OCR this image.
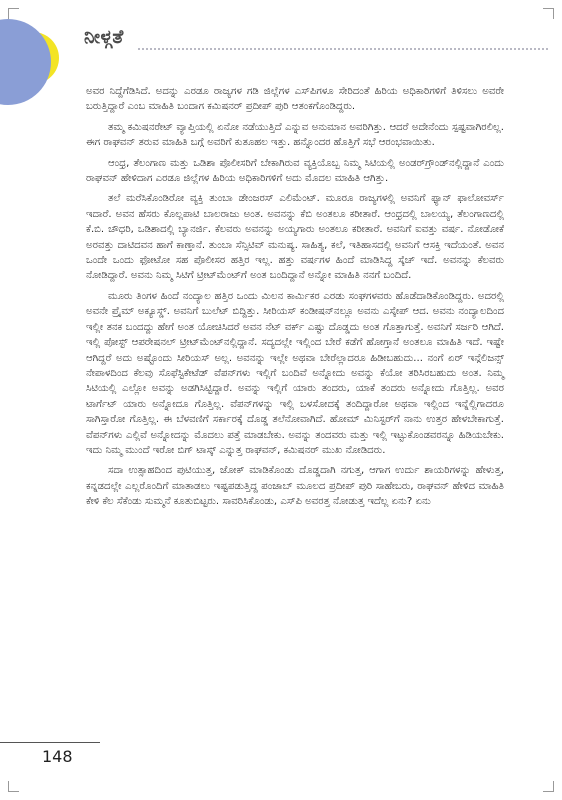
ನೀಳ್ಗತೆ

ಅವರ ನಿದ್ದೆಗೆಡಿಸಿದೆ. ಅದನ್ನು ಎರಡೂ ರಾಜ್ಯಗಳ ಗಡಿ ಜಿಲ್ಲೆಗಳ ಎಸ್‌ಪಿಗಳೂ ಸೇರಿದಂತೆ ಹಿರಿಯ ಅಧಿಕಾರಿಗಳಿಗೆ ತಿಳಿಸಲು ಅವರೇ ಬರುತ್ತಿದ್ದಾರೆ ಎಂಬ ಮಾಹಿತಿ ಬಂದಾಗ ಕಮಿಷನರ್ ಪ್ರದೀಪ್ ಪುರಿ ಆತಂಕಗೊಂಡಿದ್ದರು.

ತಮ್ಮ ಕಮಿಷನರೇಟ್ ವ್ಯಾಪ್ತಿಯಲ್ಲಿ ಏನೋ ನಡೆಯುತ್ತಿದೆ ಎನ್ನುವ ಅನುಮಾನ ಅವರಿಗಿತ್ತು. ಆದರೆ ಅದೇನೆಂದು ಸ್ಪಷ್ಟವಾಗಿರಲಿಲ್ಲ. ಈಗ ರಾಘವನ್ ತರುವ ಮಾಹಿತಿ ಬಗ್ಗೆ ಅವರಿಗೆ ಕುತೂಹಲ ಇತ್ತು. ಹನ್ನೊಂದರ ಹೊತ್ತಿಗೆ ಸಭೆ ಆರಂಭವಾಯಿತು.

ಆಂಧ್ರ, ತೆಲಂಗಾಣ ಮತ್ತು ಒಡಿಶಾ ಪೊಲೀಸರಿಗೆ ಬೇಕಾಗಿರುವ ವ್ಯಕ್ತಿಯೊಬ್ಬ ನಿಮ್ಮ ಸಿಟಿಯಲ್ಲಿ ಅಂಡರ್‌ಗ್ರೌಂಡ್‌ನಲ್ಲಿದ್ದಾನೆ ಎಂದು ರಾಘವನ್ ಹೇಳಿದಾಗ ಎರಡೂ ಜಿಲ್ಲೆಗಳ ಹಿರಿಯ ಅಧಿಕಾರಿಗಳಿಗೆ ಅದು ಮೊದಲ ಮಾಹಿತಿ ಆಗಿತ್ತು.

ತಲೆ ಮರೆಸಿಕೊಂಡಿರೋ ವ್ಯಕ್ತಿ ತುಂಬಾ ಡೇಂಜರಸ್ ಎಲಿಮೆಂಟ್. ಮೂರೂ ರಾಜ್ಯಗಳಲ್ಲಿ ಅವನಿಗೆ ಫ್ಯಾನ್ ಫಾಲೋವರ್ಸ್ ಇದಾರೆ. ಅವನ ಹೆಸರು ಕೊಲ್ಲಪಾಟಿ ಬಾಲರಾಜು ಅಂತ. ಅವನನ್ನು ಕೆಬಿ ಅಂತಲೂ ಕರೀತಾರೆ. ಆಂಧ್ರದಲ್ಲಿ ಬಾಲಯ್ಯ, ತೆಲಂಗಾಣದಲ್ಲಿ ಕೆ.ಬಿ. ಚೌಧರಿ, ಒಡಿಶಾದಲ್ಲಿ ಬ್ಯಾನರ್ಜಿ. ಕೆಲವರು ಅವನನ್ನು ಅಯ್ಯಗಾರು ಅಂತಲೂ ಕರೀತಾರೆ. ಅವನಿಗೆ ಐವತ್ತು ವರ್ಷ. ನೋಡೋಕೆ ಅರವತ್ತು ದಾಟಿದವನ ಹಾಗೆ ಕಾಣ್ತಾನೆ. ತುಂಬಾ ಸೆನ್ಸಿಟಿವ್ ಮನುಷ್ಯ. ಸಾಹಿತ್ಯ, ಕಲೆ, ಇತಿಹಾಸದಲ್ಲಿ ಅವನಿಗೆ ಆಸಕ್ತಿ ಇದೆಯಂತೆ. ಅವನ ಒಂದೇ ಒಂದು ಫೋಟೋ ಸಹ ಪೊಲೀಸರ ಹತ್ತಿರ ಇಲ್ಲ. ಹತ್ತು ವರ್ಷಗಳ ಹಿಂದೆ ಮಾಡಿಸಿದ್ದ ಸ್ಕೆಚ್ ಇದೆ. ಅವನನ್ನು ಕೆಲವರು ನೋಡಿದ್ದಾರೆ. ಅವನು ನಿಮ್ಮ ಸಿಟಿಗೆ ಟ್ರೀಟ್‌ಮೆಂಟ್‌ಗೆ ಅಂತ ಬಂದಿದ್ದಾನೆ ಅನ್ನೋ ಮಾಹಿತಿ ನನಗೆ ಬಂದಿದೆ.

ಮೂರು ತಿಂಗಳ ಹಿಂದೆ ನಂದ್ಯಾಲ ಹತ್ತಿರ ಒಂದು ಮಿಲನ ಕಾರ್ಮಿಕರ ಎರಡು ಸಂಘಗಳವರು ಹೊಡೆದಾಡಿಕೊಂಡಿದ್ದರು. ಅದರಲ್ಲಿ ಅವನೇ ಪ್ರೈಮ್ ಅಕ್ಯೂಸ್ಡ್. ಅವನಿಗೆ ಬುಲೆಟ್ ಬಿದ್ದಿತ್ತು. ಸೀರಿಯಸ್ ಕಂಡೀಷನ್‌ನಲ್ಲೂ ಅವನು ಎಸ್ಕೇಪ್ ಆದ. ಅವನು ನಂದ್ಯಾಲದಿಂದ ಇಲ್ಲೀ ತನಕ ಬಂದದ್ದು ಹೇಗೆ ಅಂತ ಯೋಚಿಸಿದರೆ ಅವನ ನೆಟ್ ವರ್ಕ್ ಎಷ್ಟು ದೊಡ್ಡದು ಅಂತ ಗೊತ್ತಾಗುತ್ತೆ. ಅವನಿಗೆ ಸರ್ಜರಿ ಆಗಿದೆ. ಇಲ್ಲಿ ಪೋಸ್ಟ್ ಆಪರೇಷನಲ್ ಟ್ರೀಟ್‌ಮೆಂಟ್‌ನಲ್ಲಿದ್ದಾನೆ. ಸದ್ಯದಲ್ಲೇ ಇಲ್ಲಿಂದ ಬೇರೆ ಕಡೆಗೆ ಹೋಗ್ತಾನೆ ಅಂತಲೂ ಮಾಹಿತಿ ಇದೆ. ಇಷ್ಟೇ ಆಗಿದ್ದರೆ ಅದು ಅಷ್ಟೊಂದು ಸೀರಿಯಸ್ ಅಲ್ಲ. ಅವನನ್ನು ಇಲ್ಲೇ ಅಥವಾ ಬೇರೆಲ್ಲಾದರೂ ಹಿಡೀಬಹುದು... ನಂಗೆ ಏರ್ ಇನ್ಗೆಲಿಜನ್ಸ್ ನೇಪಾಳದಿಂದ ಕೆಲವು ಸೊಫೆಸ್ಟಿಕೇಟೆಡ್ ವೆಪನ್‌ಗಳು ಇಲ್ಲಿಗೆ ಬಂದಿವೆ ಅನ್ನೋದು ಅವನ್ನು ಕೆಯೋ ತರಿಸಿರಬಹುದು ಅಂತ. ನಿಮ್ಮ ಸಿಟಿಯಲ್ಲಿ ಎಲ್ಲೋ ಅವನ್ನು ಅಡಗಿಸಿಟ್ಟಿದ್ದಾರೆ. ಅವನ್ನು ಇಲ್ಲಿಗೆ ಯಾರು ತಂದರು, ಯಾಕೆ ತಂದರು ಅನ್ನೋದು ಗೊತ್ತಿಲ್ಲ. ಅವರ ಟಾರ್ಗೆಟ್ ಯಾರು ಅನ್ನೋದೂ ಗೊತ್ತಿಲ್ಲ. ವೆಪನ್‌ಗಳನ್ನು ಇಲ್ಲಿ ಬಳಸೋದಕ್ಕೆ ತಂದಿದ್ದಾರೋ ಅಥವಾ ಇಲ್ಲಿಂದ ಇನ್ನೆಲ್ಲಿಗಾದರೂ ಸಾಗಿಸ್ತಾರೋ ಗೊತ್ತಿಲ್ಲ. ಈ ಬೆಳವಣಿಗೆ ಸರ್ಕಾರಕ್ಕೆ ದೊಡ್ಡ ತಲೆನೋವಾಗಿದೆ. ಹೋಮ್ ಮಿನಿಸ್ಟರ್‌ಗೆ ನಾನು ಉತ್ತರ ಹೇಳಬೇಕಾಗುತ್ತೆ. ವೆಪನ್‌ಗಳು ಎಲ್ಲಿವೆ ಅನ್ನೋದನ್ನು ಮೊದಲು ಪತ್ತೆ ಮಾಡಬೇಕು. ಅವನ್ನು ತಂದವರು ಮತ್ತು ಇಲ್ಲಿ ಇಟ್ಟುಕೊಂಡವರನ್ನೂ ಹಿಡಿಯಬೇಕು. ಇದು ನಿಮ್ಮ ಮುಂದೆ ಇರೋ ಬಿಗ್ ಟಾಸ್ಕ್ ಎನ್ನುತ್ತ ರಾಘವನ್, ಕಮಿಷನರ್ ಮುಖ ನೋಡಿದರು.

ಸದಾ ಉತ್ಸಾಹದಿಂದ ಪುಟಿಯುತ್ತ, ಜೋಕ್ ಮಾಡಿಕೊಂಡು ದೊಡ್ಡದಾಗಿ ನಗುತ್ತ, ಆಗಾಗ ಉರ್ದು ಶಾಯರಿಗಳನ್ನು ಹೇಳುತ್ತ, ಕನ್ನಡದಲ್ಲೇ ಎಲ್ಲರೊಂದಿಗೆ ಮಾತಾಡಲು ಇಷ್ಟಪಡುತ್ತಿದ್ದ ಪಂಜಾಬ್ ಮೂಲದ ಪ್ರದೀಪ್ ಪುರಿ ಸಾಹೇಬರು, ರಾಘವನ್ ಹೇಳಿದ ಮಾಹಿತಿ ಕೇಳಿ ಕೆಲ ಸೆಕೆಂಡು ಸುಮ್ಮನೆ ಕೂತುಬಿಟ್ಟರು. ಸಾವರಿಸಿಕೊಂಡು, ಎಸ್‌ಪಿ ಅವರತ್ತ ನೋಡುತ್ತ ಇದೆಲ್ಲ ಏನು? ಏನು

148
